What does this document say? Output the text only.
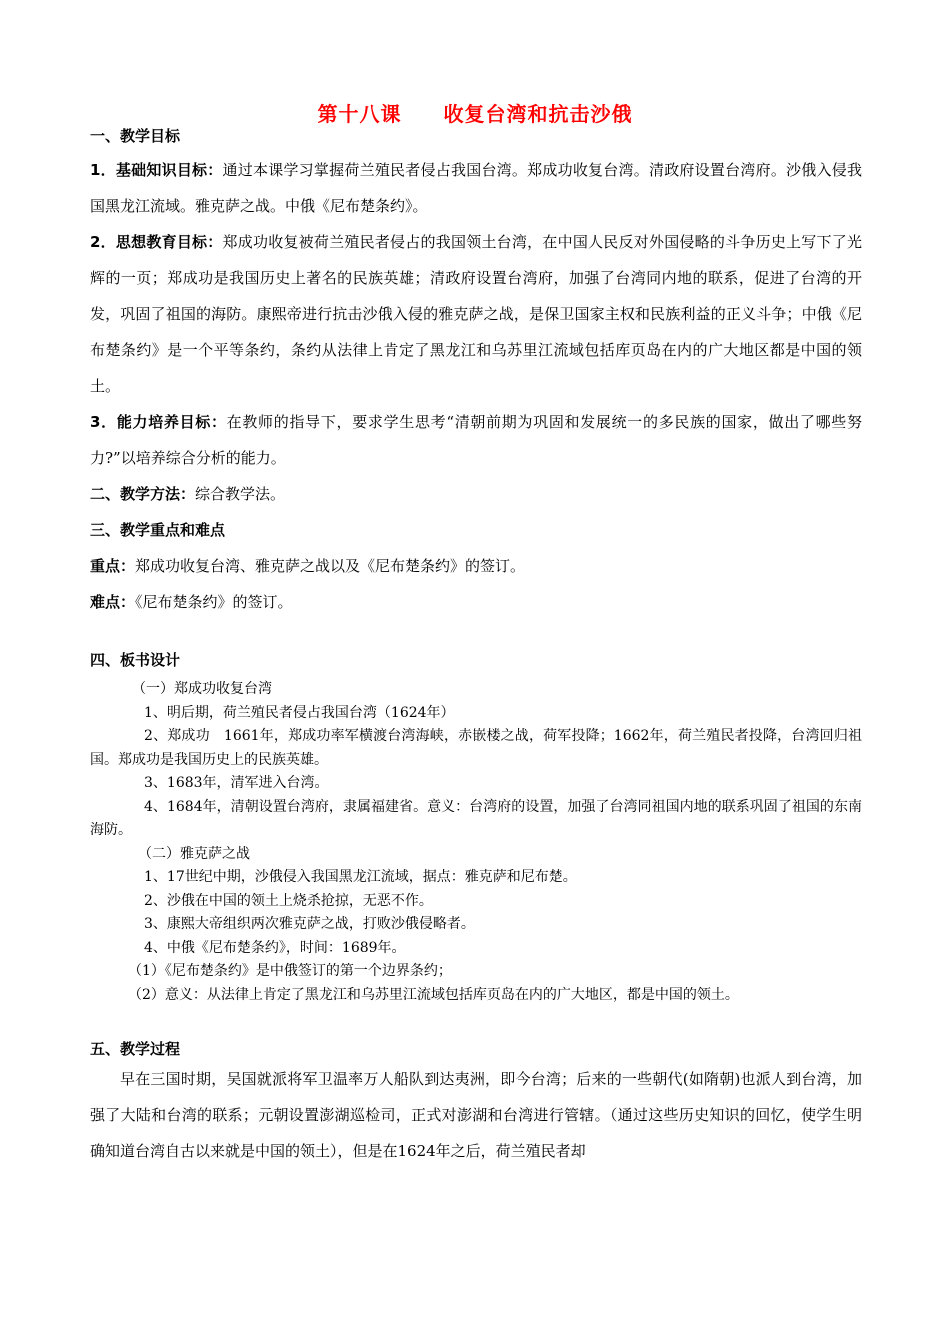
第十八课　　收复台湾和抗击沙俄
一、教学目标
1．基础知识目标：通过本课学习掌握荷兰殖民者侵占我国台湾。郑成功收复台湾。清政府设置台湾府。沙俄入侵我国黑龙江流域。雅克萨之战。中俄《尼布楚条约》。
2．思想教育目标：郑成功收复被荷兰殖民者侵占的我国领土台湾，在中国人民反对外国侵略的斗争历史上写下了光辉的一页；郑成功是我国历史上著名的民族英雄；清政府设置台湾府，加强了台湾同内地的联系，促进了台湾的开发，巩固了祖国的海防。康熙帝进行抗击沙俄入侵的雅克萨之战，是保卫国家主权和民族利益的正义斗争；中俄《尼布楚条约》是一个平等条约，条约从法律上肯定了黑龙江和乌苏里江流域包括库页岛在内的广大地区都是中国的领土。
3．能力培养目标：在教师的指导下，要求学生思考“清朝前期为巩固和发展统一的多民族的国家，做出了哪些努力?”以培养综合分析的能力。
二、教学方法：综合教学法。
三、教学重点和难点
重点：郑成功收复台湾、雅克萨之战以及《尼布楚条约》的签订。
难点：《尼布楚条约》的签订。
四、板书设计
（一）郑成功收复台湾
1、明后期，荷兰殖民者侵占我国台湾（1624年）
2、郑成功　1661年，郑成功率军横渡台湾海峡，赤嵌楼之战，荷军投降；1662年，荷兰殖民者投降，台湾回归祖国。郑成功是我国历史上的民族英雄。
3、1683年，清军进入台湾。
4、1684年，清朝设置台湾府，隶属福建省。意义：台湾府的设置，加强了台湾同祖国内地的联系巩固了祖国的东南海防。
（二）雅克萨之战
1、17世纪中期，沙俄侵入我国黑龙江流域，据点：雅克萨和尼布楚。
2、沙俄在中国的领土上烧杀抢掠，无恶不作。
3、康熙大帝组织两次雅克萨之战，打败沙俄侵略者。
4、中俄《尼布楚条约》，时间：1689年。
（1）《尼布楚条约》是中俄签订的第一个边界条约；
（2）意义：从法律上肯定了黑龙江和乌苏里江流域包括库页岛在内的广大地区，都是中国的领土。
五、教学过程
早在三国时期，吴国就派将军卫温率万人船队到达夷洲，即今台湾；后来的一些朝代(如隋朝)也派人到台湾，加强了大陆和台湾的联系；元朝设置澎湖巡检司，正式对澎湖和台湾进行管辖。（通过这些历史知识的回忆，使学生明确知道台湾自古以来就是中国的领土），但是在1624年之后，荷兰殖民者却
